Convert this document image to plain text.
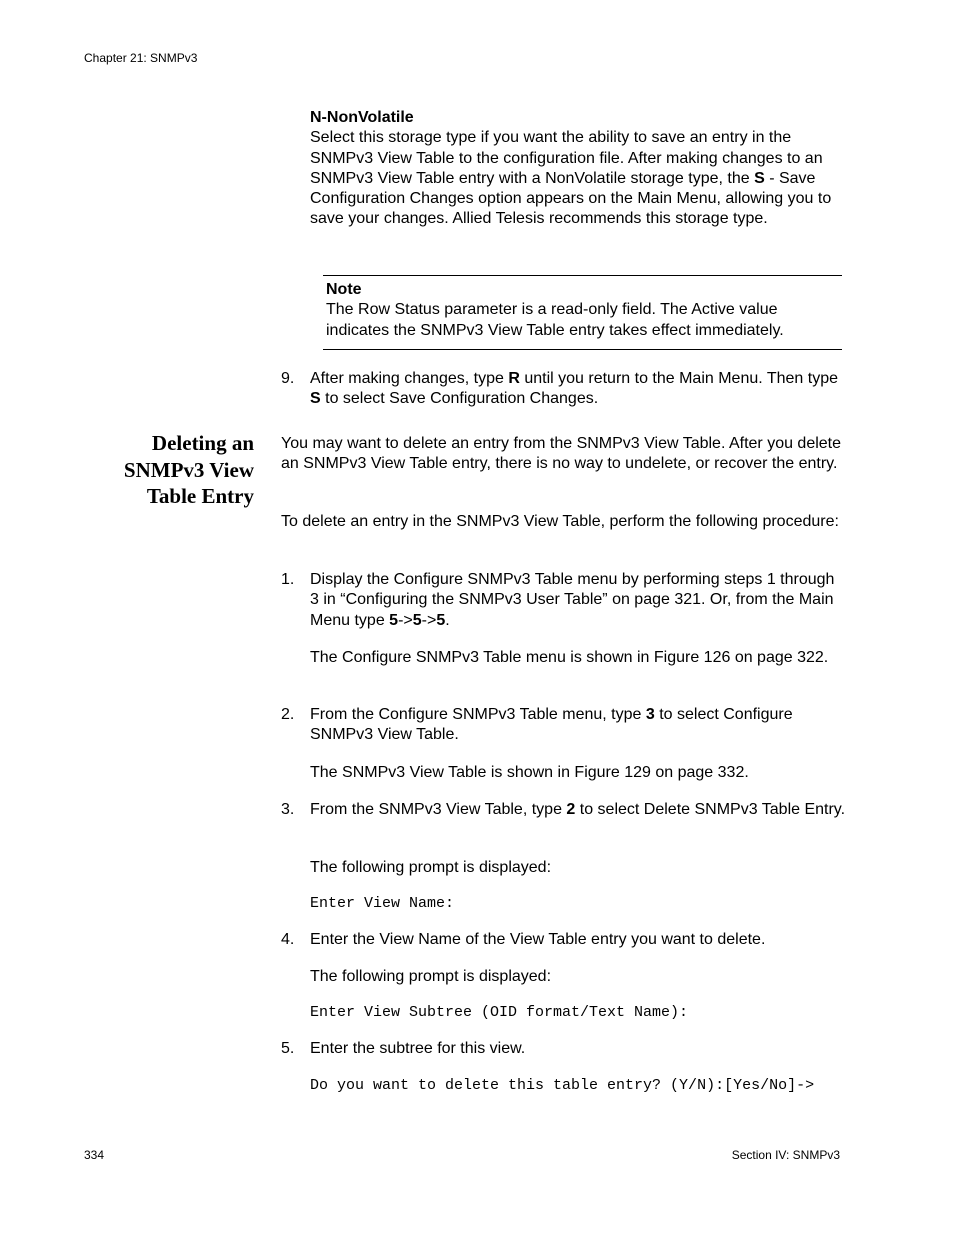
Chapter 21: SNMPv3
N-NonVolatile
Select this storage type if you want the ability to save an entry in the SNMPv3 View Table to the configuration file. After making changes to an SNMPv3 View Table entry with a NonVolatile storage type, the S - Save Configuration Changes option appears on the Main Menu, allowing you to save your changes. Allied Telesis recommends this storage type.
Note
The Row Status parameter is a read-only field. The Active value indicates the SNMPv3 View Table entry takes effect immediately.
9. After making changes, type R until you return to the Main Menu. Then type S to select Save Configuration Changes.
Deleting an SNMPv3 View Table Entry
You may want to delete an entry from the SNMPv3 View Table. After you delete an SNMPv3 View Table entry, there is no way to undelete, or recover the entry.
To delete an entry in the SNMPv3 View Table, perform the following procedure:
1. Display the Configure SNMPv3 Table menu by performing steps 1 through 3 in “Configuring the SNMPv3 User Table” on page 321. Or, from the Main Menu type 5->5->5.
The Configure SNMPv3 Table menu is shown in Figure 126 on page 322.
2. From the Configure SNMPv3 Table menu, type 3 to select Configure SNMPv3 View Table.
The SNMPv3 View Table is shown in Figure 129 on page 332.
3. From the SNMPv3 View Table, type 2 to select Delete SNMPv3 Table Entry.
The following prompt is displayed:
Enter View Name:
4. Enter the View Name of the View Table entry you want to delete.
The following prompt is displayed:
Enter View Subtree (OID format/Text Name):
5. Enter the subtree for this view.
Do you want to delete this table entry? (Y/N):[Yes/No]->
334	Section IV: SNMPv3
